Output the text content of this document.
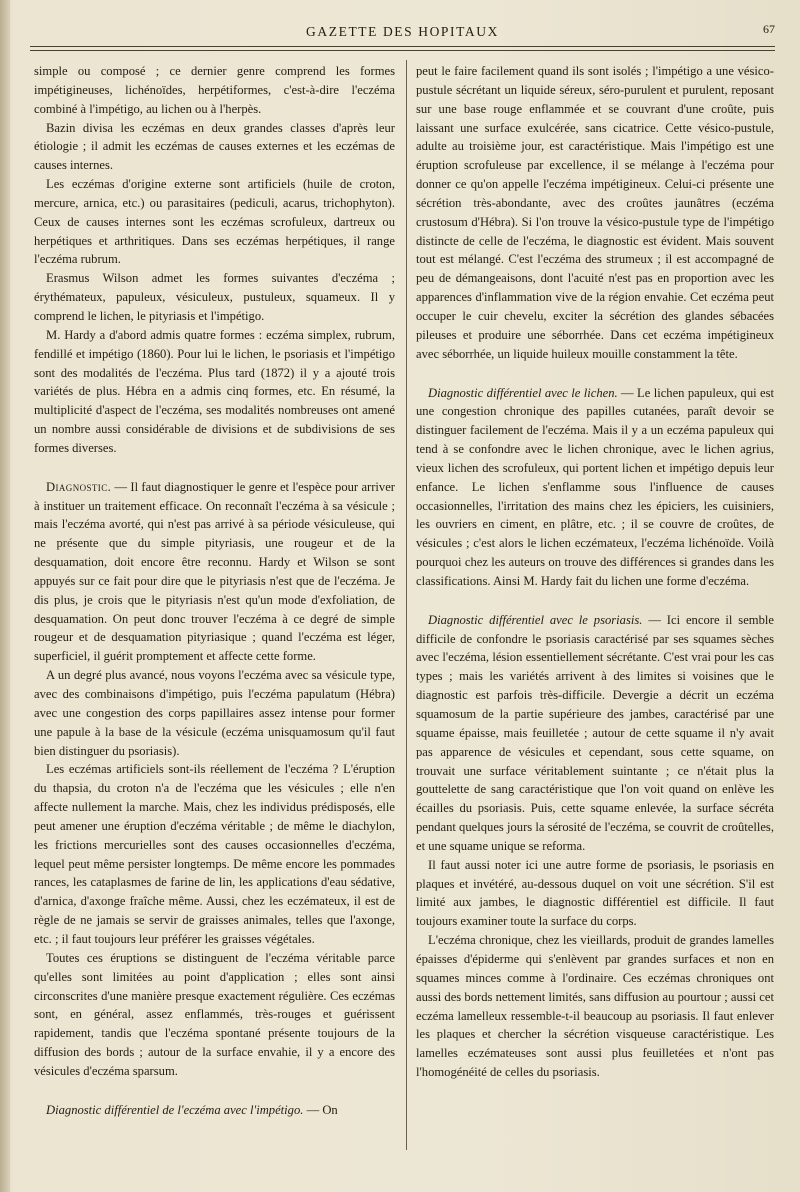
GAZETTE DES HOPITAUX	67

simple ou composé ; ce dernier genre comprend les formes impétigineuses, lichénoïdes, herpétiformes, c'est-à-dire l'eczéma combiné à l'impétigo, au lichen ou à l'herpès.

Bazin divisa les eczémas en deux grandes classes d'après leur étiologie ; il admit les eczémas de causes externes et les eczémas de causes internes.

Les eczémas d'origine externe sont artificiels (huile de croton, mercure, arnica, etc.) ou parasitaires (pediculi, acarus, trichophyton). Ceux de causes internes sont les eczémas scrofuleux, dartreux ou herpétiques et arthritiques. Dans ses eczémas herpétiques, il range l'eczéma rubrum.

Erasmus Wilson admet les formes suivantes d'eczéma ; érythémateux, papuleux, vésiculeux, pustuleux, squameux. Il y comprend le lichen, le pityriasis et l'impétigo.

M. Hardy a d'abord admis quatre formes : eczéma simplex, rubrum, fendillé et impétigo (1860). Pour lui le lichen, le psoriasis et l'impétigo sont des modalités de l'eczéma. Plus tard (1872) il y a ajouté trois variétés de plus. Hébra en a admis cinq formes, etc. En résumé, la multiplicité d'aspect de l'eczéma, ses modalités nombreuses ont amené un nombre aussi considérable de divisions et de subdivisions de ses formes diverses.

Diagnostic. — Il faut diagnostiquer le genre et l'espèce pour arriver à instituer un traitement efficace. On reconnaît l'eczéma à sa vésicule ; mais l'eczéma avorté, qui n'est pas arrivé à sa période vésiculeuse, qui ne présente que du simple pityriasis, une rougeur et de la desquamation, doit encore être reconnu. Hardy et Wilson se sont appuyés sur ce fait pour dire que le pityriasis n'est que de l'eczéma. Je dis plus, je crois que le pityriasis n'est qu'un mode d'exfoliation, de desquamation. On peut donc trouver l'eczéma à ce degré de simple rougeur et de desquamation pityriasique ; quand l'eczéma est léger, superficiel, il guérit promptement et affecte cette forme.

A un degré plus avancé, nous voyons l'eczéma avec sa vésicule type, avec des combinaisons d'impétigo, puis l'eczéma papulatum (Hébra) avec une congestion des corps papillaires assez intense pour former une papule à la base de la vésicule (eczéma unisquamosum qu'il faut bien distinguer du psoriasis).

Les eczémas artificiels sont-ils réellement de l'eczéma ? L'éruption du thapsia, du croton n'a de l'eczéma que les vésicules ; elle n'en affecte nullement la marche. Mais, chez les individus prédisposés, elle peut amener une éruption d'eczéma véritable ; de même le diachylon, les frictions mercurielles sont des causes occasionnelles d'eczéma, lequel peut même persister longtemps. De même encore les pommades rances, les cataplasmes de farine de lin, les applications d'eau sédative, d'arnica, d'axonge fraîche même. Aussi, chez les eczémateux, il est de règle de ne jamais se servir de graisses animales, telles que l'axonge, etc. ; il faut toujours leur préférer les graisses végétales.

Toutes ces éruptions se distinguent de l'eczéma véritable parce qu'elles sont limitées au point d'application ; elles sont ainsi circonscrites d'une manière presque exactement régulière. Ces eczémas sont, en général, assez enflammés, très-rouges et guérissent rapidement, tandis que l'eczéma spontané présente toujours de la diffusion des bords ; autour de la surface envahie, il y a encore des vésicules d'eczéma sparsum.

Diagnostic différentiel de l'eczéma avec l'impétigo. — On

peut le faire facilement quand ils sont isolés ; l'impétigo a une vésico-pustule sécrétant un liquide séreux, séro-purulent et purulent, reposant sur une base rouge enflammée et se couvrant d'une croûte, puis laissant une surface exulcérée, sans cicatrice. Cette vésico-pustule, adulte au troisième jour, est caractéristique. Mais l'impétigo est une éruption scrofuleuse par excellence, il se mélange à l'eczéma pour donner ce qu'on appelle l'eczéma impétigineux. Celui-ci présente une sécrétion très-abondante, avec des croûtes jaunâtres (eczéma crustosum d'Hébra). Si l'on trouve la vésico-pustule type de l'impétigo distincte de celle de l'eczéma, le diagnostic est évident. Mais souvent tout est mélangé. C'est l'eczéma des strumeux ; il est accompagné de peu de démangeaisons, dont l'acuité n'est pas en proportion avec les apparences d'inflammation vive de la région envahie. Cet eczéma peut occuper le cuir chevelu, exciter la sécrétion des glandes sébacées pileuses et produire une séborrhée. Dans cet eczéma impétigineux avec séborrhée, un liquide huileux mouille constamment la tête.

Diagnostic différentiel avec le lichen. — Le lichen papuleux, qui est une congestion chronique des papilles cutanées, paraît devoir se distinguer facilement de l'eczéma. Mais il y a un eczéma papuleux qui tend à se confondre avec le lichen chronique, avec le lichen agrius, vieux lichen des scrofuleux, qui portent lichen et impétigo depuis leur enfance. Le lichen s'enflamme sous l'influence de causes occasionnelles, l'irritation des mains chez les épiciers, les cuisiniers, les ouvriers en ciment, en plâtre, etc. ; il se couvre de croûtes, de vésicules ; c'est alors le lichen eczémateux, l'eczéma lichénoïde. Voilà pourquoi chez les auteurs on trouve des différences si grandes dans les classifications. Ainsi M. Hardy fait du lichen une forme d'eczéma.

Diagnostic différentiel avec le psoriasis. — Ici encore il semble difficile de confondre le psoriasis caractérisé par ses squames sèches avec l'eczéma, lésion essentiellement sécrétante. C'est vrai pour les cas types ; mais les variétés arrivent à des limites si voisines que le diagnostic est parfois très-difficile. Devergie a décrit un eczéma squamosum de la partie supérieure des jambes, caractérisé par une squame épaisse, mais feuilletée ; autour de cette squame il n'y avait pas apparence de vésicules et cependant, sous cette squame, on trouvait une surface véritablement suintante ; ce n'était plus la gouttelette de sang caractéristique que l'on voit quand on enlève les écailles du psoriasis. Puis, cette squame enlevée, la surface sécréta pendant quelques jours la sérosité de l'eczéma, se couvrit de croûtelles, et une squame unique se reforma.

Il faut aussi noter ici une autre forme de psoriasis, le psoriasis en plaques et invétéré, au-dessous duquel on voit une sécrétion. S'il est limité aux jambes, le diagnostic différentiel est difficile. Il faut toujours examiner toute la surface du corps.

L'eczéma chronique, chez les vieillards, produit de grandes lamelles épaisses d'épiderme qui s'enlèvent par grandes surfaces et non en squames minces comme à l'ordinaire. Ces eczémas chroniques ont aussi des bords nettement limités, sans diffusion au pourtour ; aussi cet eczéma lamelleux ressemble-t-il beaucoup au psoriasis. Il faut enlever les plaques et chercher la sécrétion visqueuse caractéristique. Les lamelles eczémateuses sont aussi plus feuilletées et n'ont pas l'homogénéité de celles du psoriasis.
